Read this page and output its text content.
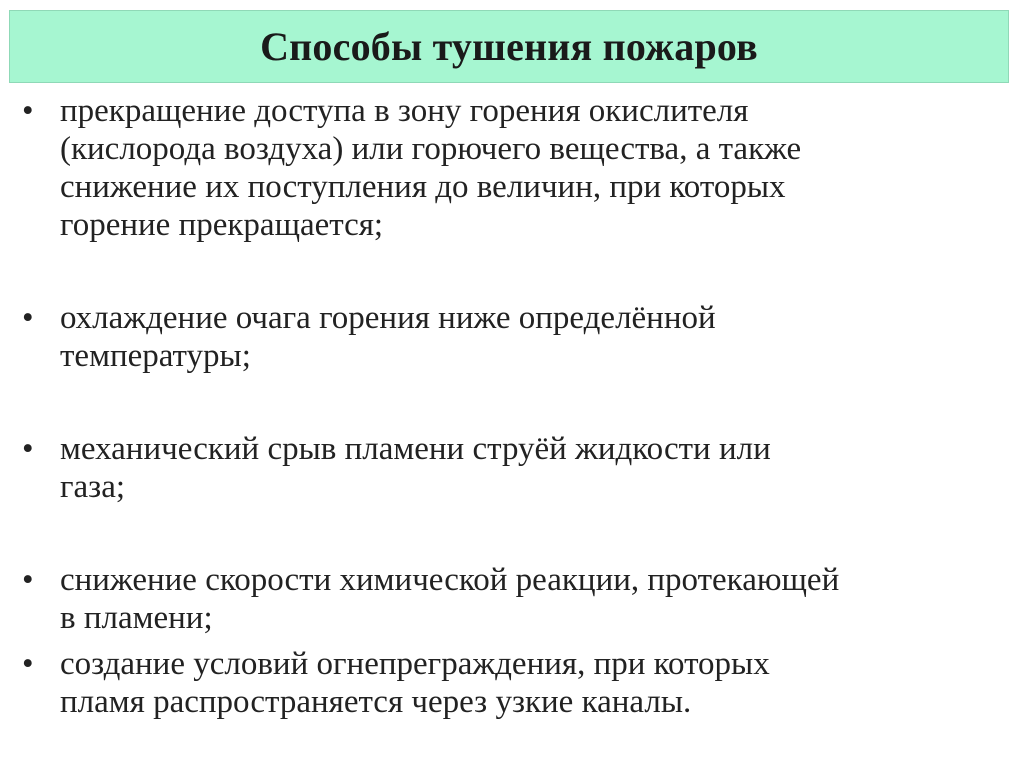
Способы тушения пожаров
• прекращение доступа в зону горения окислителя
(кислорода воздуха) или горючего вещества, а также
снижение их поступления до величин, при которых
горение прекращается;
• охлаждение очага горения ниже определённой
температуры;
• механический срыв пламени струёй жидкости или
газа;
• снижение скорости химической реакции, протекающей
в пламени;
• создание условий огнепреграждения, при которых
пламя распространяется через узкие каналы.
